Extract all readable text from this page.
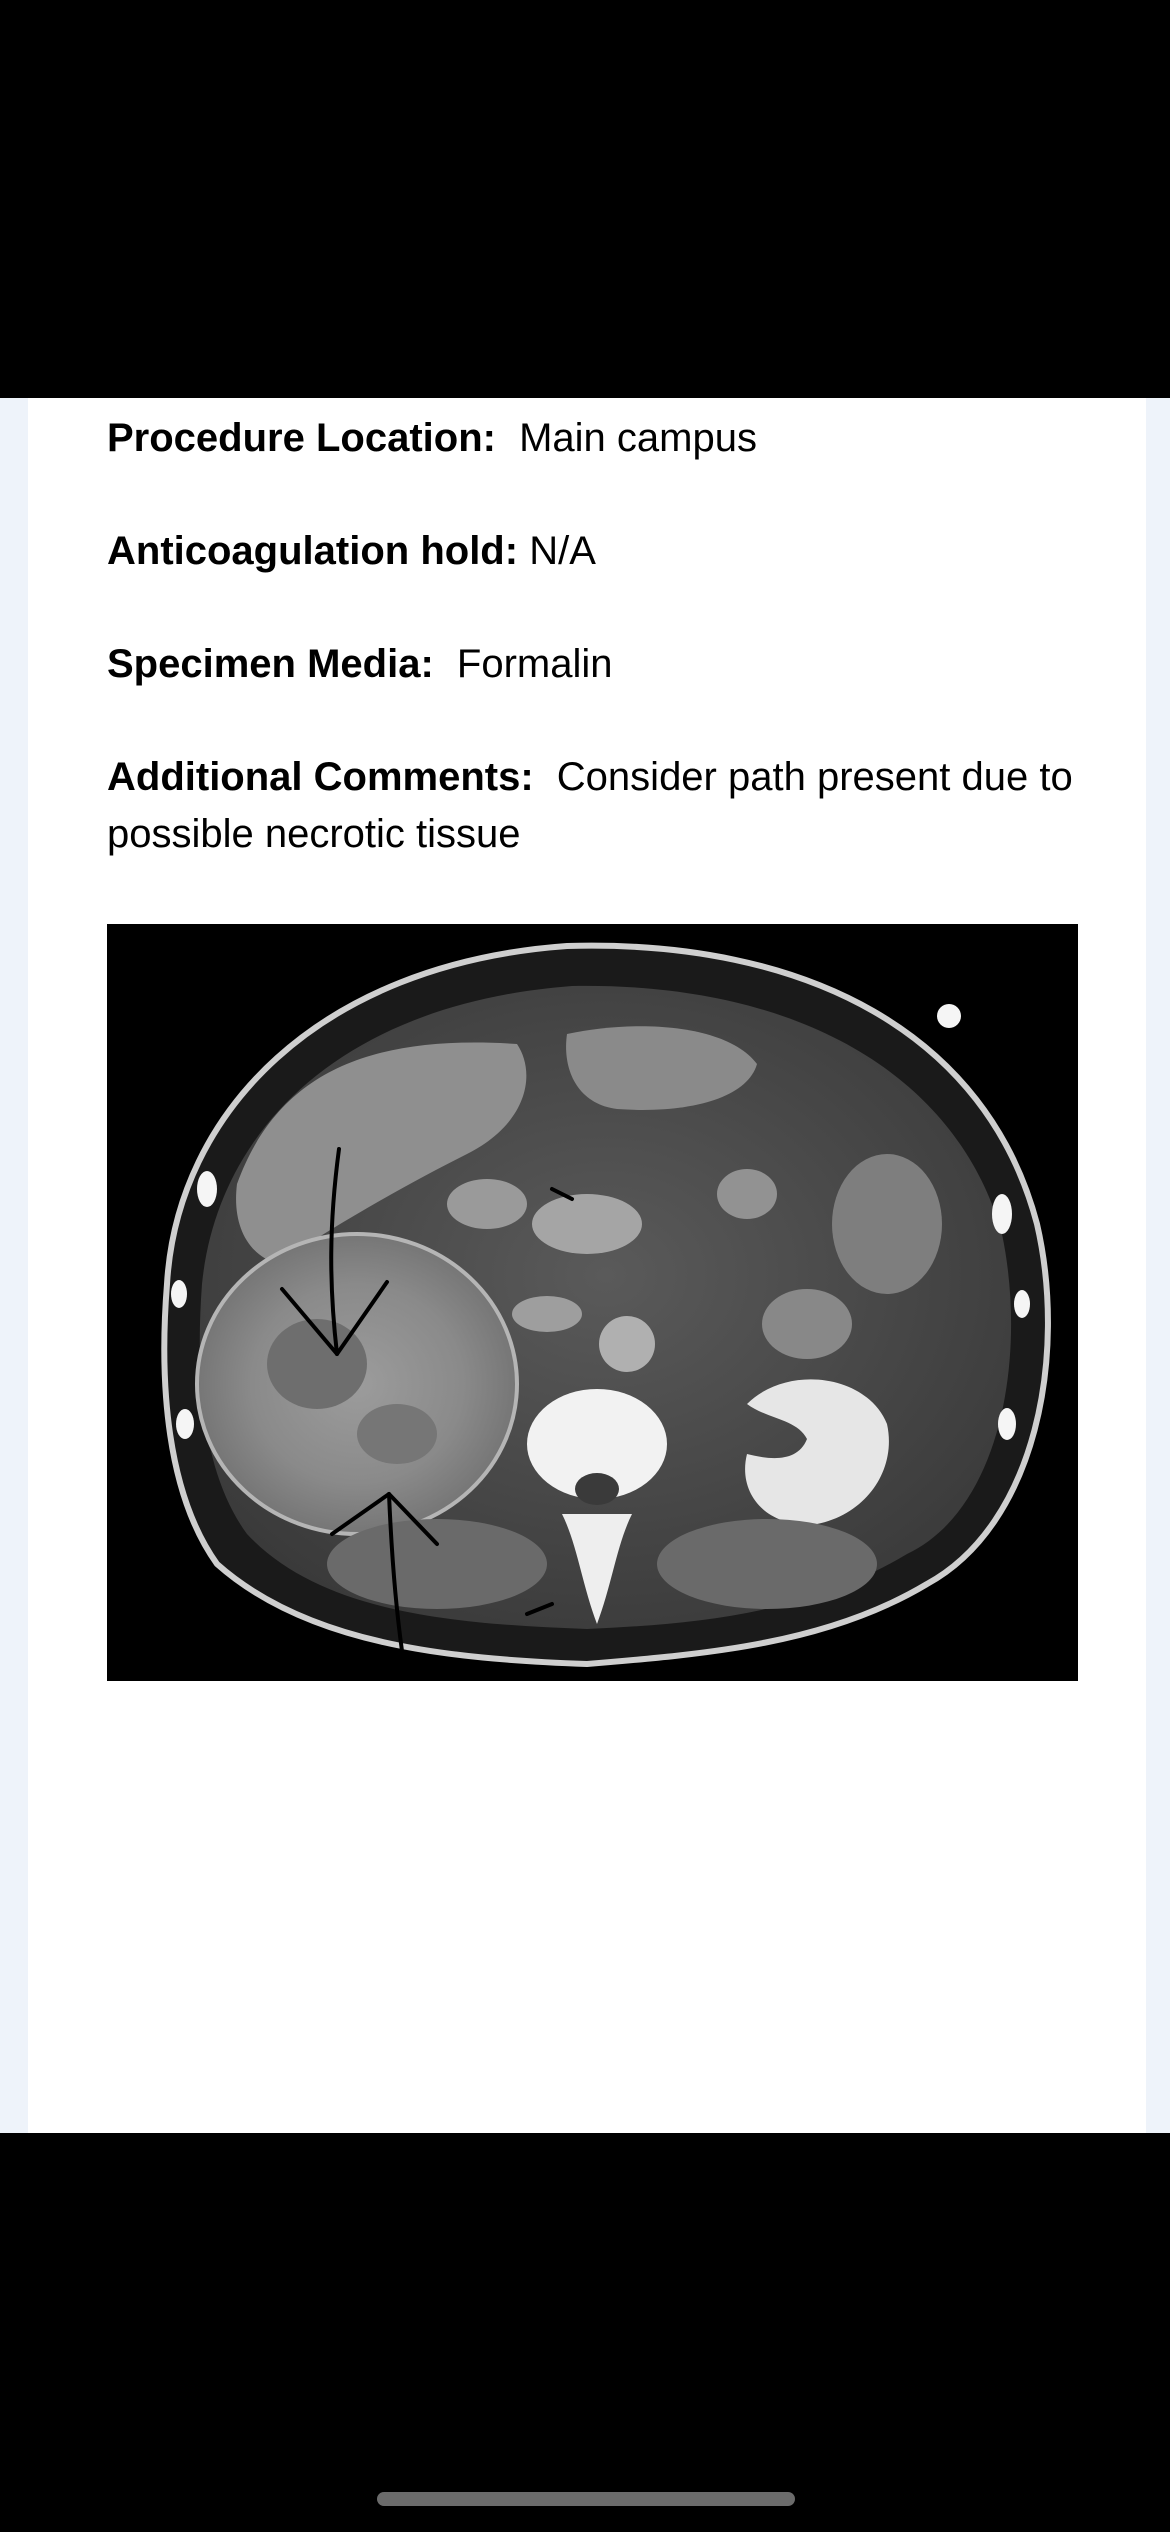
Imaging reviewed: I reviewed CT abd/pel 5/26/25; Interpretation: large heterogeneous right renal mass with possible areas of necrosis
Recommended Imaging Modality: Ultrasound
Procedure Location: Main campus
Anticoagulation hold: N/A
Specimen Media: Formalin
Additional Comments: Consider path present due to possible necrotic tissue
